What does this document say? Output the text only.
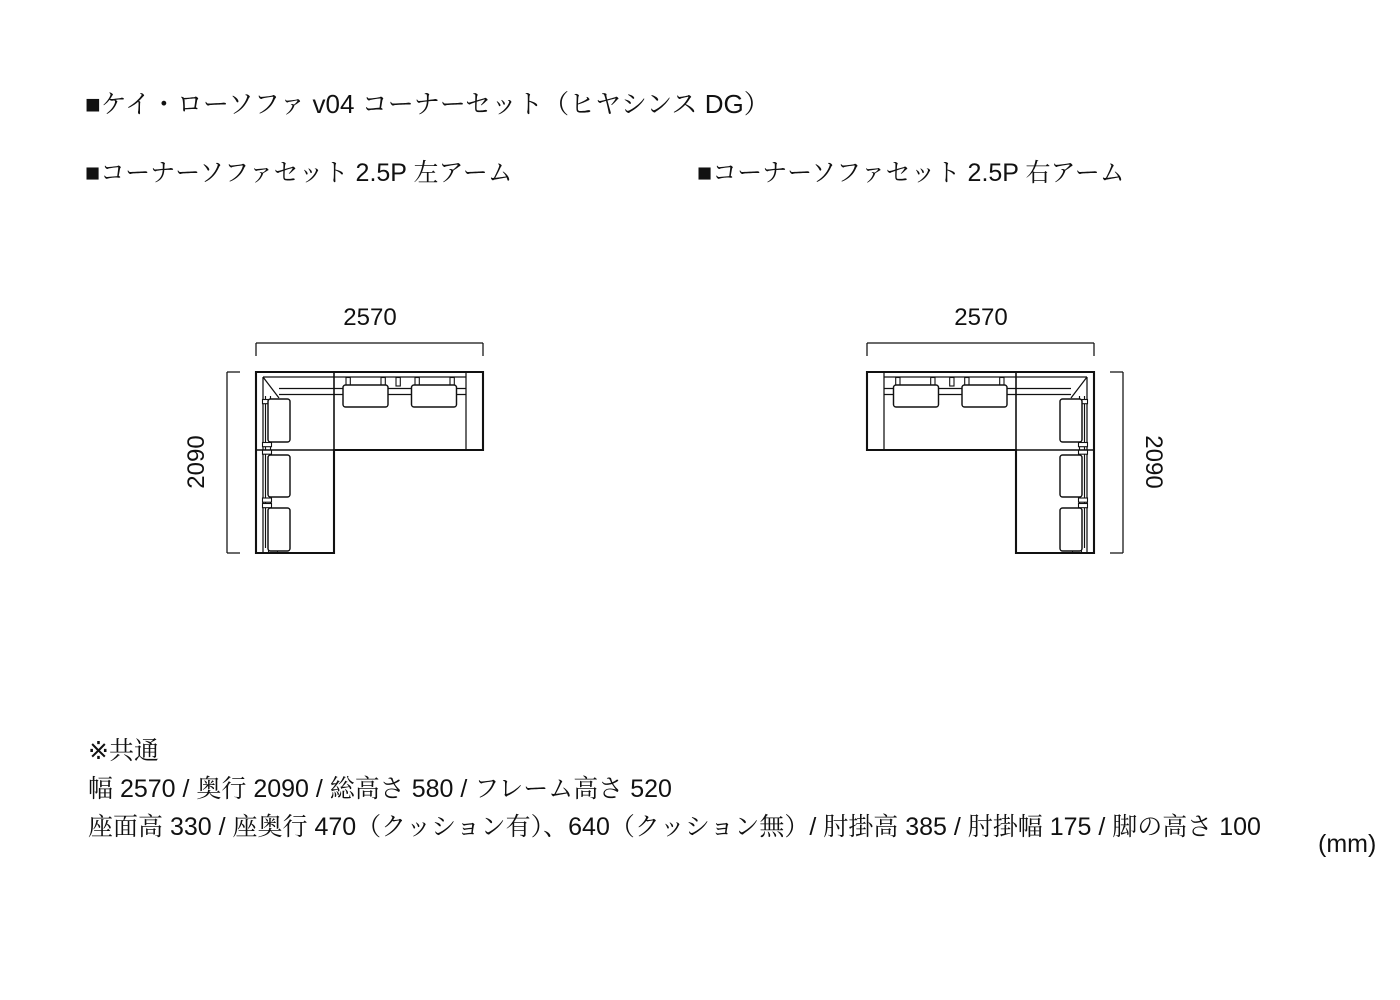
■ケイ・ローソファ v04 コーナーセット（ヒヤシンス DG）
■コーナーソファセット 2.5P 左アーム	■コーナーソファセット 2.5P 右アーム
2570
2090
2570
2090
※共通
幅 2570 / 奥行 2090 / 総高さ 580 / フレーム高さ 520
座面高 330 / 座奥行 470（クッション有）、640（クッション無）/ 肘掛高 385 / 肘掛幅 175 / 脚の高さ 100
(mm)
